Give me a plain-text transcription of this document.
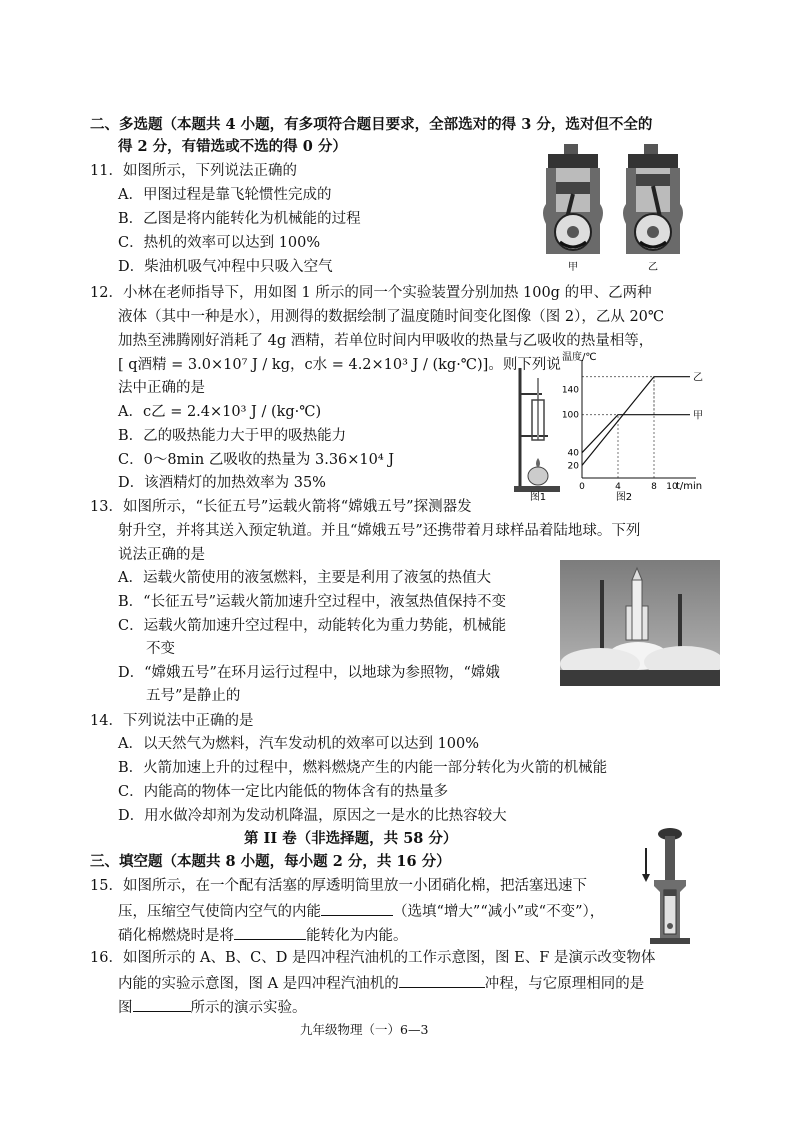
二、多选题（本题共 4 小题，有多项符合题目要求，全部选对的得 3 分，选对但不全的
得 2 分，有错选或不选的得 0 分）
11．如图所示，下列说法正确的
A．甲图过程是靠飞轮惯性完成的
B．乙图是将内能转化为机械能的过程
C．热机的效率可以达到 100%
D．柴油机吸气冲程中只吸入空气	甲	乙
12．小林在老师指导下，用如图 1 所示的同一个实验装置分别加热 100g 的甲、乙两种
液体（其中一种是水），用测得的数据绘制了温度随时间变化图像（图 2），乙从 20℃
加热至沸腾刚好消耗了 4g 酒精，若单位时间内甲吸收的热量与乙吸收的热量相等，
[ q酒精 = 3.0×10⁷ J / kg，c水 = 4.2×10³ J / (kg·℃)]。则下列说
法中正确的是
A．c乙 = 2.4×10³ J / (kg·℃)
B．乙的吸热能力大于甲的吸热能力
C．0～8min 乙吸收的热量为 3.36×10⁴ J
D．该酒精灯的加热效率为 35%
图1
0	4	8 10
20
40
100
140
温度/℃
t/min
乙
甲
图2
13．如图所示，“长征五号”运载火箭将“嫦娥五号”探测器发
射升空，并将其送入预定轨道。并且“嫦娥五号”还携带着月球样品着陆地球。下列
说法正确的是
A．运载火箭使用的液氢燃料，主要是利用了液氢的热值大
B．“长征五号”运载火箭加速升空过程中，液氢热值保持不变
C．运载火箭加速升空过程中，动能转化为重力势能，机械能
不变
D．“嫦娥五号”在环月运行过程中，以地球为参照物，“嫦娥
五号”是静止的
14．下列说法中正确的是
A．以天然气为燃料，汽车发动机的效率可以达到 100%
B．火箭加速上升的过程中，燃料燃烧产生的内能一部分转化为火箭的机械能
C．内能高的物体一定比内能低的物体含有的热量多
D．用水做冷却剂为发动机降温，原因之一是水的比热容较大
第 II 卷（非选择题，共 58 分）
三、填空题（本题共 8 小题，每小题 2 分，共 16 分）
15．如图所示，在一个配有活塞的厚透明筒里放一小团硝化棉，把活塞迅速下
压，压缩空气使筒内空气的内能	（选填“增大”“减小”或“不变”），
硝化棉燃烧时是将	能转化为内能。
16．如图所示的 A、B、C、D 是四冲程汽油机的工作示意图，图 E、F 是演示改变物体
内能的实验示意图，图 A 是四冲程汽油机的	冲程，与它原理相同的是
图	所示的演示实验。
九年级物理（一）6—3
